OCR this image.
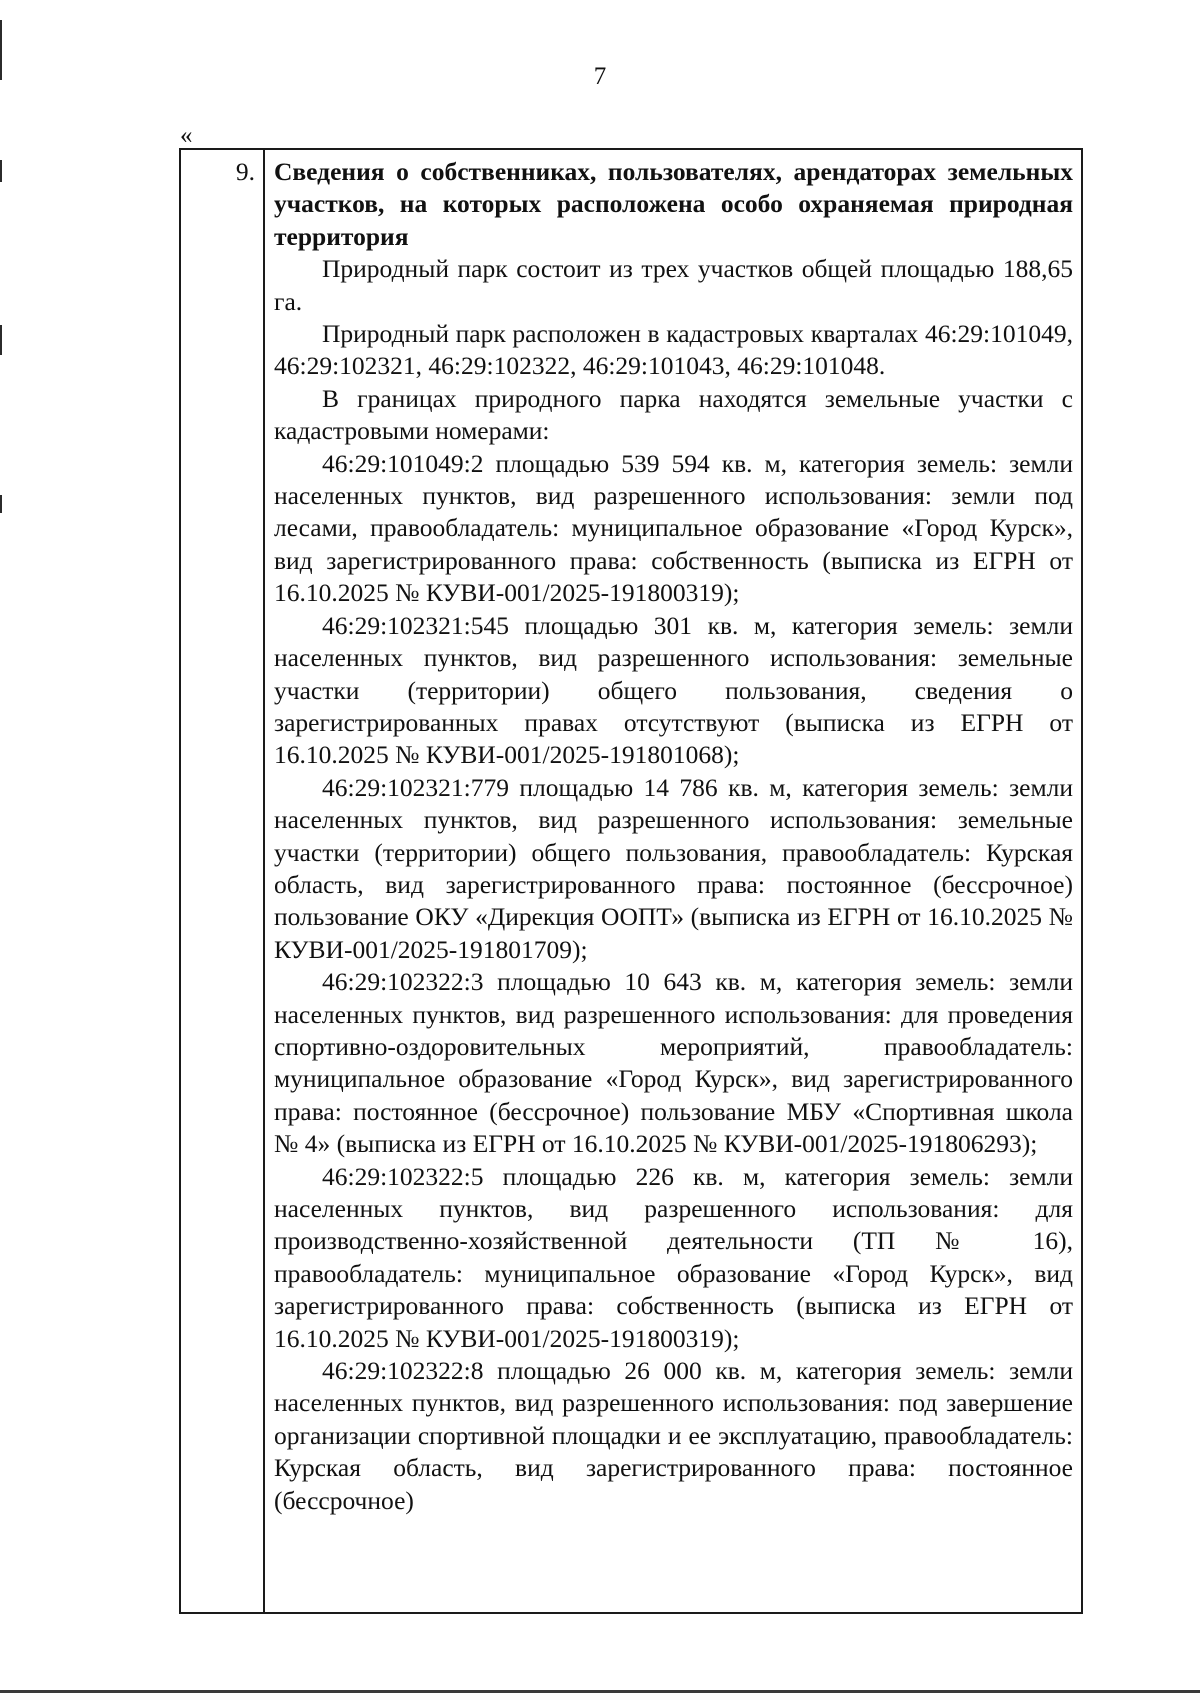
7
«
9. Сведения о собственниках, пользователях, арендаторах земельных участков, на которых расположена особо охраняемая природная территория

Природный парк состоит из трех участков общей площадью 188,65 га.

Природный парк расположен в кадастровых кварталах 46:29:101049, 46:29:102321, 46:29:102322, 46:29:101043, 46:29:101048.

В границах природного парка находятся земельные участки с кадастровыми номерами:

46:29:101049:2 площадью 539 594 кв. м, категория земель: земли населенных пунктов, вид разрешенного использования: земли под лесами, правообладатель: муниципальное образование «Город Курск», вид зарегистрированного права: собственность (выписка из ЕГРН от 16.10.2025 № КУВИ-001/2025-191800319);

46:29:102321:545 площадью 301 кв. м, категория земель: земли населенных пунктов, вид разрешенного использования: земельные участки (территории) общего пользования, сведения о зарегистрированных правах отсутствуют (выписка из ЕГРН от 16.10.2025 № КУВИ-001/2025-191801068);

46:29:102321:779 площадью 14 786 кв. м, категория земель: земли населенных пунктов, вид разрешенного использования: земельные участки (территории) общего пользования, правообладатель: Курская область, вид зарегистрированного права: постоянное (бессрочное) пользование ОКУ «Дирекция ООПТ» (выписка из ЕГРН от 16.10.2025 № КУВИ-001/2025-191801709);

46:29:102322:3 площадью 10 643 кв. м, категория земель: земли населенных пунктов, вид разрешенного использования: для проведения спортивно-оздоровительных мероприятий, правообладатель: муниципальное образование «Город Курск», вид зарегистрированного права: постоянное (бессрочное) пользование МБУ «Спортивная школа № 4» (выписка из ЕГРН от 16.10.2025 № КУВИ-001/2025-191806293);

46:29:102322:5 площадью 226 кв. м, категория земель: земли населенных пунктов, вид разрешенного использования: для производственно-хозяйственной деятельности (ТП № 16), правообладатель: муниципальное образование «Город Курск», вид зарегистрированного права: собственность (выписка из ЕГРН от 16.10.2025 № КУВИ-001/2025-191800319);

46:29:102322:8 площадью 26 000 кв. м, категория земель: земли населенных пунктов, вид разрешенного использования: под завершение организации спортивной площадки и ее эксплуатацию, правообладатель: Курская область, вид зарегистрированного права: постоянное (бессрочное)
